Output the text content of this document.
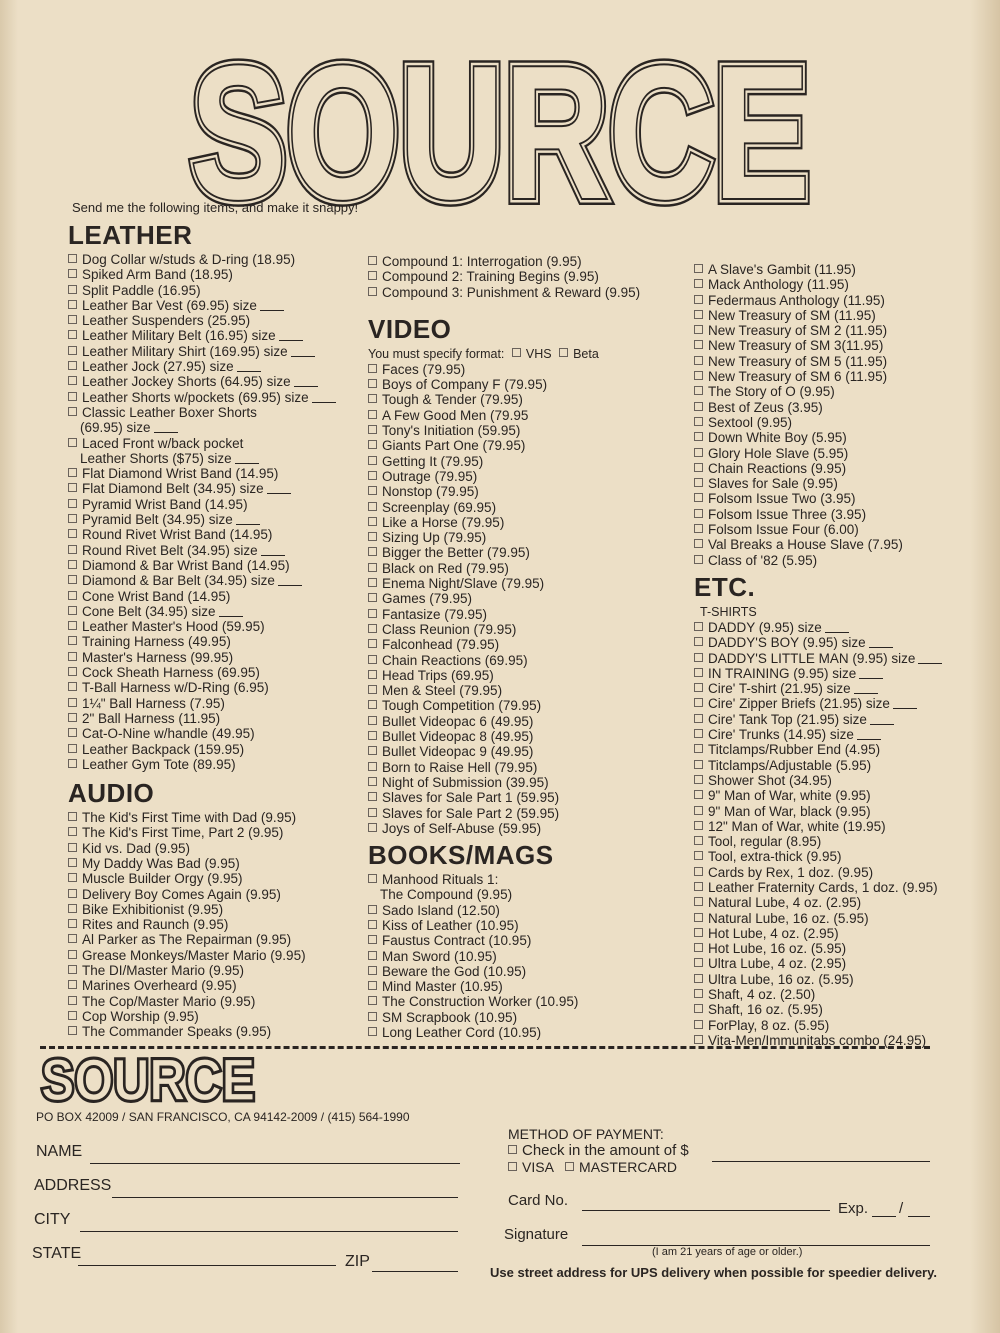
SOURCE
SOURCE
SOURCE
SOURCE
Send me the following items, and make it snappy!
LEATHER
Dog Collar w/studs & D-ring (18.95)
Spiked Arm Band (18.95)
Split Paddle (16.95)
Leather Bar Vest (69.95) size
Leather Suspenders (25.95)
Leather Military Belt (16.95) size
Leather Military Shirt (169.95) size
Leather Jock (27.95) size
Leather Jockey Shorts (64.95) size
Leather Shorts w/pockets (69.95) size
Classic Leather Boxer Shorts
(69.95) size
Laced Front w/back pocket
Leather Shorts ($75) size
Flat Diamond Wrist Band (14.95)
Flat Diamond Belt (34.95) size
Pyramid Wrist Band (14.95)
Pyramid Belt (34.95) size
Round Rivet Wrist Band (14.95)
Round Rivet Belt (34.95) size
Diamond & Bar Wrist Band (14.95)
Diamond & Bar Belt (34.95) size
Cone Wrist Band (14.95)
Cone Belt (34.95) size
Leather Master's Hood (59.95)
Training Harness (49.95)
Master's Harness (99.95)
Cock Sheath Harness (69.95)
T-Ball Harness w/D-Ring (6.95)
1¼" Ball Harness (7.95)
2" Ball Harness (11.95)
Cat-O-Nine w/handle (49.95)
Leather Backpack (159.95)
Leather Gym Tote (89.95)
AUDIO
The Kid's First Time with Dad (9.95)
The Kid's First Time, Part 2 (9.95)
Kid vs. Dad (9.95)
My Daddy Was Bad (9.95)
Muscle Builder Orgy (9.95)
Delivery Boy Comes Again (9.95)
Bike Exhibitionist (9.95)
Rites and Raunch (9.95)
Al Parker as The Repairman (9.95)
Grease Monkeys/Master Mario (9.95)
The DI/Master Mario (9.95)
Marines Overheard (9.95)
The Cop/Master Mario (9.95)
Cop Worship (9.95)
The Commander Speaks (9.95)
Compound 1: Interrogation (9.95)
Compound 2: Training Begins (9.95)
Compound 3: Punishment & Reward (9.95)
VIDEO
You must specify format: VHS Beta
Faces (79.95)
Boys of Company F (79.95)
Tough & Tender (79.95)
A Few Good Men (79.95
Tony's Initiation (59.95)
Giants Part One (79.95)
Getting It (79.95)
Outrage (79.95)
Nonstop (79.95)
Screenplay (69.95)
Like a Horse (79.95)
Sizing Up (79.95)
Bigger the Better (79.95)
Black on Red (79.95)
Enema Night/Slave (79.95)
Games (79.95)
Fantasize (79.95)
Class Reunion (79.95)
Falconhead (79.95)
Chain Reactions (69.95)
Head Trips (69.95)
Men & Steel (79.95)
Tough Competition (79.95)
Bullet Videopac 6 (49.95)
Bullet Videopac 8 (49.95)
Bullet Videopac 9 (49.95)
Born to Raise Hell (79.95)
Night of Submission (39.95)
Slaves for Sale Part 1 (59.95)
Slaves for Sale Part 2 (59.95)
Joys of Self-Abuse (59.95)
BOOKS/MAGS
Manhood Rituals 1:
The Compound (9.95)
Sado Island (12.50)
Kiss of Leather (10.95)
Faustus Contract (10.95)
Man Sword (10.95)
Beware the God (10.95)
Mind Master (10.95)
The Construction Worker (10.95)
SM Scrapbook (10.95)
Long Leather Cord (10.95)
A Slave's Gambit (11.95)
Mack Anthology (11.95)
Federmaus Anthology (11.95)
New Treasury of SM (11.95)
New Treasury of SM 2 (11.95)
New Treasury of SM 3(11.95)
New Treasury of SM 5 (11.95)
New Treasury of SM 6 (11.95)
The Story of O (9.95)
Best of Zeus (3.95)
Sextool (9.95)
Down White Boy (5.95)
Glory Hole Slave (5.95)
Chain Reactions (9.95)
Slaves for Sale (9.95)
Folsom Issue Two (3.95)
Folsom Issue Three (3.95)
Folsom Issue Four (6.00)
Val Breaks a House Slave (7.95)
Class of '82 (5.95)
ETC.
T-SHIRTS
DADDY (9.95) size
DADDY'S BOY (9.95) size
DADDY'S LITTLE MAN (9.95) size
IN TRAINING (9.95) size
Cire' T-shirt (21.95) size
Cire' Zipper Briefs (21.95) size
Cire' Tank Top (21.95) size
Cire' Trunks (14.95) size
Titclamps/Rubber End (4.95)
Titclamps/Adjustable (5.95)
Shower Shot (34.95)
9" Man of War, white (9.95)
9" Man of War, black (9.95)
12" Man of War, white (19.95)
Tool, regular (8.95)
Tool, extra-thick (9.95)
Cards by Rex, 1 doz. (9.95)
Leather Fraternity Cards, 1 doz. (9.95)
Natural Lube, 4 oz. (2.95)
Natural Lube, 16 oz. (5.95)
Hot Lube, 4 oz. (2.95)
Hot Lube, 16 oz. (5.95)
Ultra Lube, 4 oz. (2.95)
Ultra Lube, 16 oz. (5.95)
Shaft, 4 oz. (2.50)
Shaft, 16 oz. (5.95)
ForPlay, 8 oz. (5.95)
Vita-Men/Immunitabs combo (24.95)
SOURCE
SOURCE
PO BOX 42009 / SAN FRANCISCO, CA 94142-2009 / (415) 564-1990
NAME
ADDRESS
CITY
STATE	ZIP
METHOD OF PAYMENT:
Check in the amount of $
VISA MASTERCARD
Card No.	Exp. /
Signature
(I am 21 years of age or older.)
Use street address for UPS delivery when possible for speedier delivery.
